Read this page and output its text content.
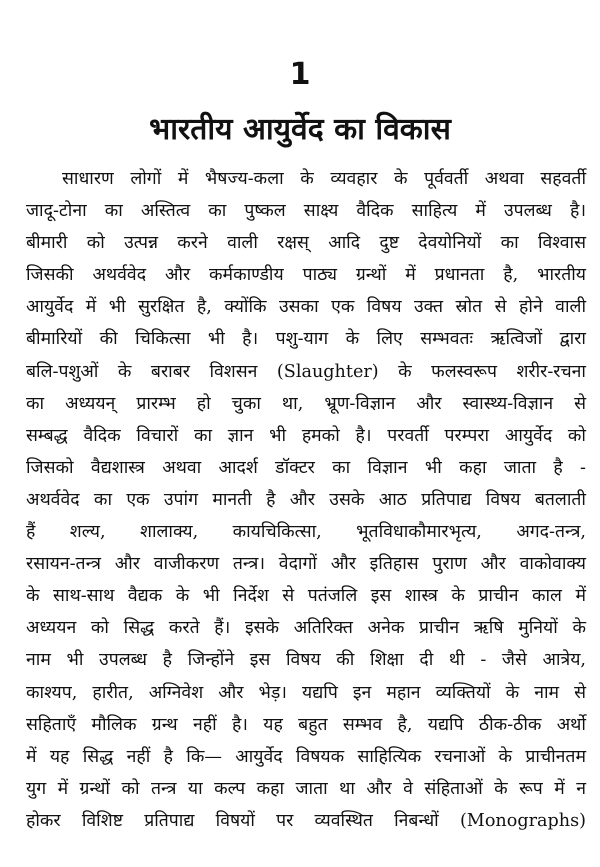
1
भारतीय आयुर्वेद का विकास
साधारण लोगों में भैषज्य-कला के व्यवहार के पूर्ववर्ती अथवा सहवर्ती
जादू-टोना का अस्तित्व का पुष्कल साक्ष्य वैदिक साहित्य में उपलब्ध है।
बीमारी को उत्पन्न करने वाली रक्षस् आदि दुष्ट देवयोनियों का विश्वास
जिसकी अथर्ववेद और कर्मकाण्डीय पाठ्य ग्रन्थों में प्रधानता है, भारतीय
आयुर्वेद में भी सुरक्षित है, क्योंकि उसका एक विषय उक्त स्रोत से होने वाली
बीमारियों की चिकित्सा भी है। पशु-याग के लिए सम्भवतः ऋत्विजों द्वारा
बलि-पशुओं के बराबर विशसन (Slaughter) के फलस्वरूप शरीर-रचना
का अध्ययन् प्रारम्भ हो चुका था, भ्रूण-विज्ञान और स्वास्थ्य-विज्ञान से
सम्बद्ध वैदिक विचारों का ज्ञान भी हमको है। परवर्ती परम्परा आयुर्वेद को
जिसको वैद्यशास्त्र अथवा आदर्श डॉक्टर का विज्ञान भी कहा जाता है -
अथर्ववेद का एक उपांग मानती है और उसके आठ प्रतिपाद्य विषय बतलाती
हैं शल्य, शालाक्य, कायचिकित्सा, भूतविधाकौमारभृत्य, अगद-तन्त्र,
रसायन-तन्त्र और वाजीकरण तन्त्र। वेदागों और इतिहास पुराण और वाकोवाक्य
के साथ-साथ वैद्यक के भी निर्देश से पतंजलि इस शास्त्र के प्राचीन काल में
अध्ययन को सिद्ध करते हैं। इसके अतिरिक्त अनेक प्राचीन ऋषि मुनियों के
नाम भी उपलब्ध है जिन्होंने इस विषय की शिक्षा दी थी - जैसे आत्रेय,
काश्यप, हारीत, अग्निवेश और भेड़। यद्यपि इन महान व्यक्तियों के नाम से
सहिताएँ मौलिक ग्रन्थ नहीं है। यह बहुत सम्भव है, यद्यपि ठीक-ठीक अर्थो
में यह सिद्ध नहीं है कि— आयुर्वेद विषयक साहित्यिक रचनाओं के प्राचीनतम
युग में ग्रन्थों को तन्त्र या कल्प कहा जाता था और वे संहिताओं के रूप में न
होकर विशिष्ट प्रतिपाद्य विषयों पर व्यवस्थित निबन्धों (Monographs)
